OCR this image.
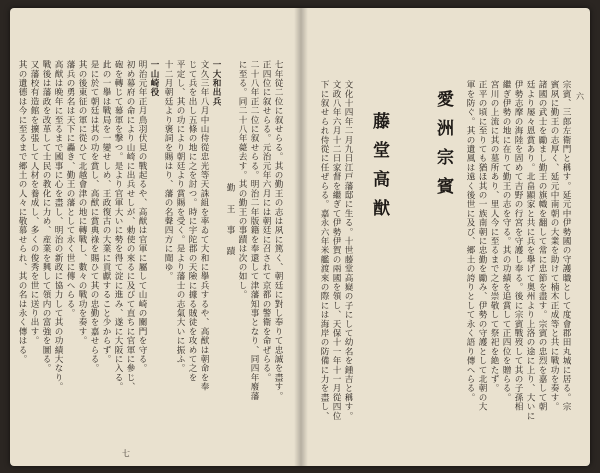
六
宗賓、三郎左衛門と稱す。延元中伊勢國の守護職として度會郡田丸城に居る。宗
賓夙に勤王の志厚く、延元中南朝の大業を助けて楠木正成等と共に戰功を奏す。
諸國の武士を勵まし勤王の旗幟を翻して常に忠節を盡す。宗賓の忠烈を嘉して朝
廷より屡々恩賞あり。北畠顯家と共に兵を擧げて奥州より上洛の途に上り、大いに
伊勢志摩の海陸を固めて吉野の行宮を守護し奉る。後に宗賓戰歿して其の子孫相
繼ぎ伊勢の地に在りて勤王の志を守る。其の功績を追賞して正四位を贈らる。
宮川の上流に其の墓所あり、里人今に至るまで之を崇敬して祭祀を絶たず。
正平の頃に至りても猶ほ其の一族南朝に忠勤を勵み、伊勢の守護として北朝の大
軍を防ぐ。其の遺風は遠く後世に及び、郷土の誇りとして永く語り傳へらる。
愛洲宗賓
藤堂高猷
文化十四年二月九日江戸藩邸に生る。十世藤堂高嶷の子にして幼名を鍾吉と稱す。
文政八年六月十二日家督を繼ぎて伊勢伊賀の兩國を領し、天保十一年十一月從四位
下に叙せられ侍從に任ぜらる。嘉永六年米艦渡來の際には海岸の防備に力を盡し、
七年従二位に叙せらる。其の勤王の志は夙に篤く、朝廷に對し奉りて忠誠を盡す。
正四位に叙せらる。元治元年六月には朝廷に召されて京都の警衛を命ぜらる。
二十八年正二位に叙せらる。明治二年版籍を奉還して津藩知事となり、同四年廢藩
に至る。同二十八年薨去す。其の勤王の事蹟は次の如し。
勤　王　事　蹟
一大和出兵
文久三年八月中山侍從忠光等天誅組を率ゐて大和に擧兵するや、高猷は朝命を奉
じて兵を出し五條の地に之を討つ。時に宇陀郡の天險に據る賊徒を攻めて之を
平定し、其の功により朝廷より賞賜を受く。是より藩士の志氣大いに振ふ。
十二月朝廷より褒詞を賜はり、藩の名聲四方に聞ゆ。
一山崎役
明治元年正月鳥羽伏見の戰起るや、高猷は官軍に屬して山崎の關門を守る。
初め幕府の命により山崎に出兵せしが、勅使の來るに及びて直ちに官軍に參じ、
砲を轉じて幕軍を撃つ。是より官軍大いに勢を得て淀に進み、遂に大阪に入る。
此の一擧は戰局を一變せしめ、王政復古の大業に貢獻すること少からず。
是に於て朝廷は其の功を賞し、高猷に賞典祿を賜ひて其の忠勤を嘉せらる。
其の後東征の軍に從ひて北越會津の地に轉戰し、數々の戰功を奏す。
藩兵の勇名は天下に轟き、勤王の藩として永く世に傳へらる。
高猷は晩年に至るまで國事に心を盡し、明治の新政に協力して其の功績大なり。
戰後は藩政を改革して士民の教化に力め、産業を興して領内の富強を圖る。
又藩校有造館を擴張して人材を養成し、多くの俊秀を世に送り出す。
其の遺德は今に至るまで郷土の人々に敬慕せられ、其の名は永く傳はる。
七
